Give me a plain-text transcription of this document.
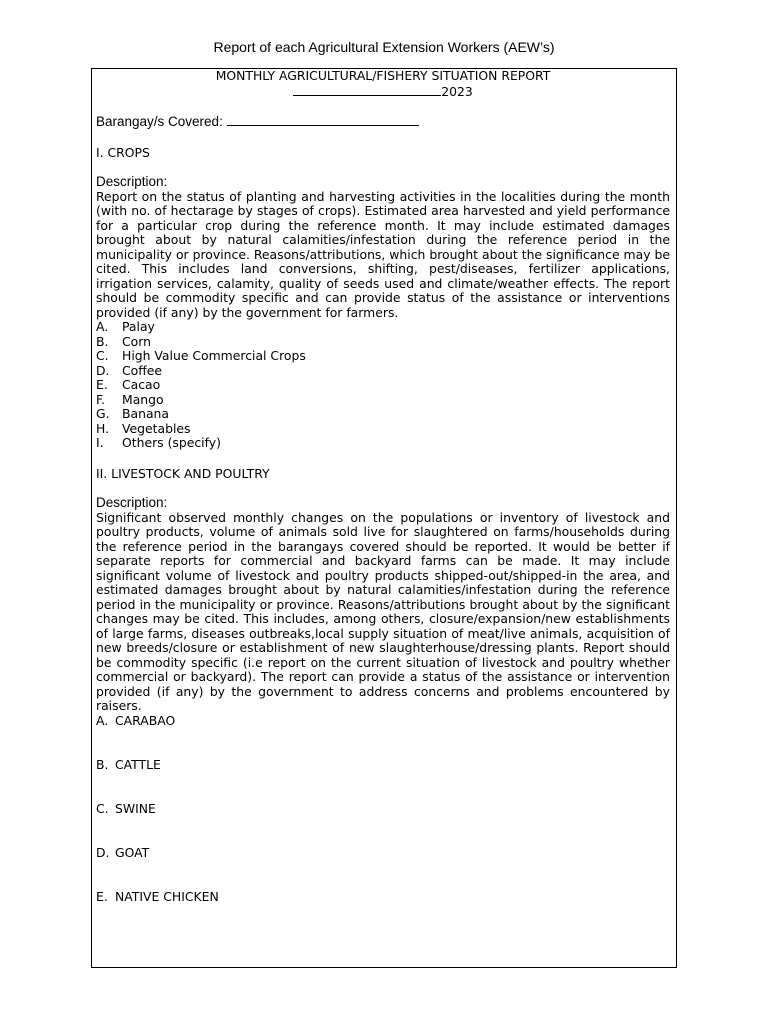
Report of each Agricultural Extension Workers (AEW’s)
MONTHLY AGRICULTURAL/FISHERY SITUATION REPORT
2023
Barangay/s Covered:
I. CROPS
Description:
Report on the status of planting and harvesting activities in the localities during the month (with no. of hectarage by stages of crops). Estimated area harvested and yield performance for a particular crop during the reference month. It may include estimated damages brought about by natural calamities/infestation during the reference period in the municipality or province. Reasons/attributions, which brought about the significance may be cited. This includes land conversions, shifting, pest/diseases, fertilizer applications, irrigation services, calamity, quality of seeds used and climate/weather effects. The report should be commodity specific and can provide status of the assistance or interventions provided (if any) by the government for farmers.
A.	Palay
B.	Corn
C.	High Value Commercial Crops
D.	Coffee
E.	Cacao
F.	Mango
G.	Banana
H.	Vegetables
I.	Others (specify)
II. LIVESTOCK AND POULTRY
Description:
Significant observed monthly changes on the populations or inventory of livestock and poultry products, volume of animals sold live for slaughtered on farms/households during the reference period in the barangays covered should be reported. It would be better if separate reports for commercial and backyard farms can be made. It may include significant volume of livestock and poultry products shipped-out/shipped-in the area, and estimated damages brought about by natural calamities/infestation during the reference period in the municipality or province. Reasons/attributions brought about by the significant changes may be cited. This includes, among others, closure/expansion/new establishments of large farms, diseases outbreaks,local supply situation of meat/live animals, acquisition of new breeds/closure or establishment of new slaughterhouse/dressing plants. Report should be commodity specific (i.e report on the current situation of livestock and poultry whether commercial or backyard). The report can provide a status of the assistance or intervention provided (if any) by the government to address concerns and problems encountered by raisers.
A. CARABAO
B. CATTLE
C. SWINE
D. GOAT
E. NATIVE CHICKEN
